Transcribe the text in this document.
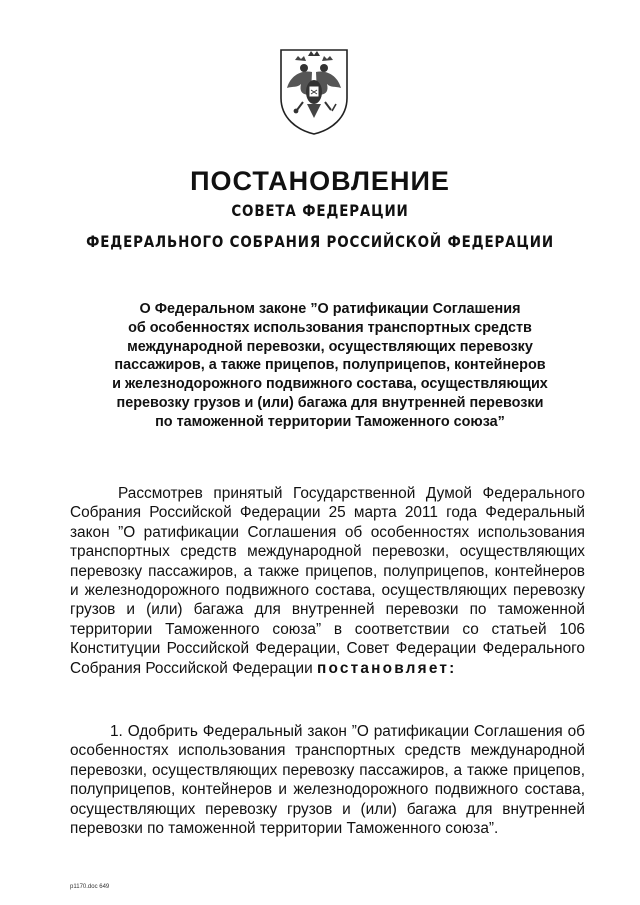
ПОСТАНОВЛЕНИЕ
СОВЕТА ФЕДЕРАЦИИ
ФЕДЕРАЛЬНОГО СОБРАНИЯ РОССИЙСКОЙ ФЕДЕРАЦИИ
О Федеральном законе ”О ратификации Соглашения
об особенностях использования транспортных средств
международной перевозки, осуществляющих перевозку
пассажиров, а также прицепов, полуприцепов, контейнеров
и железнодорожного подвижного состава, осуществляющих
перевозку грузов и (или) багажа для внутренней перевозки
по таможенной территории Таможенного союза”
Рассмотрев принятый Государственной Думой Федерального Собрания Российской Федерации 25 марта 2011 года Федеральный закон ”О ратификации Соглашения об особенностях использования транспортных средств международной перевозки, осуществляющих перевозку пассажиров, а также прицепов, полуприцепов, контейнеров и железнодорожного подвижного состава, осуществляющих перевозку грузов и (или) багажа для внутренней перевозки по таможенной территории Таможенного союза” в соответствии со статьей 106 Конституции Российской Федерации, Совет Федерации Федерального Собрания Российской Федерации постановляет:
1. Одобрить Федеральный закон ”О ратификации Соглашения об особенностях использования транспортных средств международной перевозки, осуществляющих перевозку пассажиров, а также прицепов, полуприцепов, контейнеров и железнодорожного подвижного состава, осуществляющих перевозку грузов и (или) багажа для внутренней перевозки по таможенной территории Таможенного союза”.
p1170.doc 649
